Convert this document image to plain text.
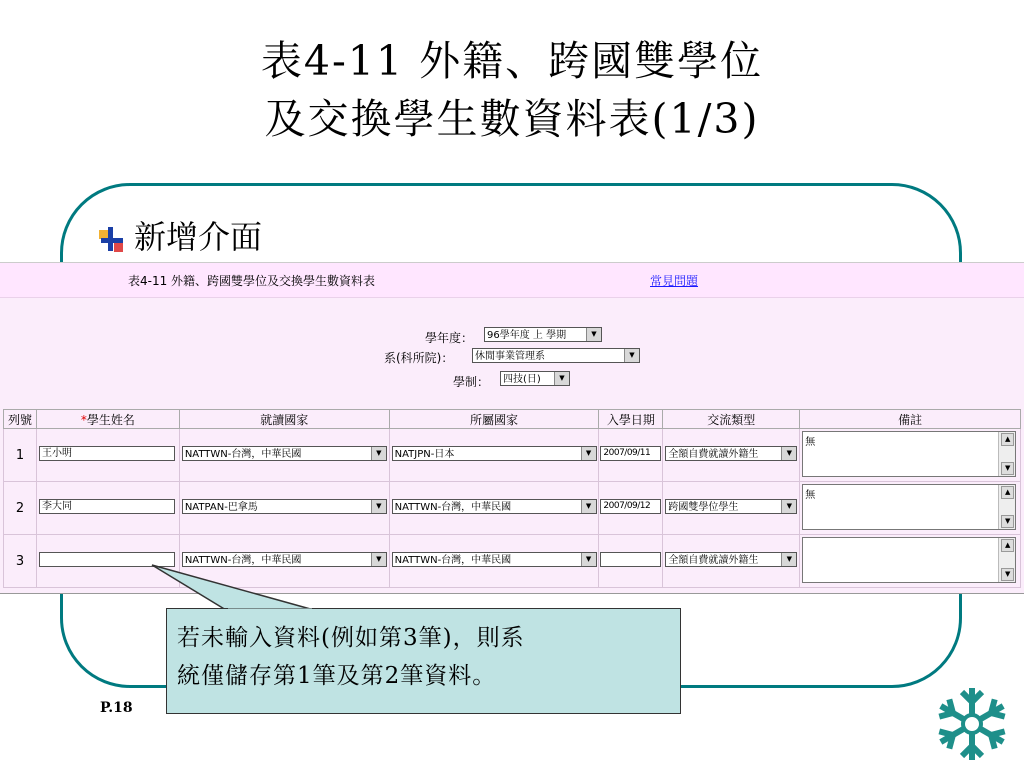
表4-11 外籍、跨國雙學位
及交換學生數資料表(1/3)
新增介面
表4-11 外籍、跨國雙學位及交換學生數資料表	常見問題
學年度：	96學年度 上 學期	▼
系(科所院)：	休閒事業管理系	▼
學制：	四技(日)	▼
列號	*學生姓名	就讀國家	所屬國家	入學日期	交流類型	備註
1	王小明	NATTWN-台灣，中華民國 ▼	NATJPN-日本 ▼	2007/09/11	全額自費就讀外籍生 ▼	無 ▲
▼

2	李大同	NATPAN-巴拿馬 ▼	NATTWN-台灣，中華民國 ▼	2007/09/12	跨國雙學位學生 ▼	無 ▲
▼

3		NATTWN-台灣，中華民國 ▼	NATTWN-台灣，中華民國 ▼		全額自費就讀外籍生 ▼	▲
▼
若未輸入資料(例如第3筆)，則系
統僅儲存第1筆及第2筆資料。
P.18
